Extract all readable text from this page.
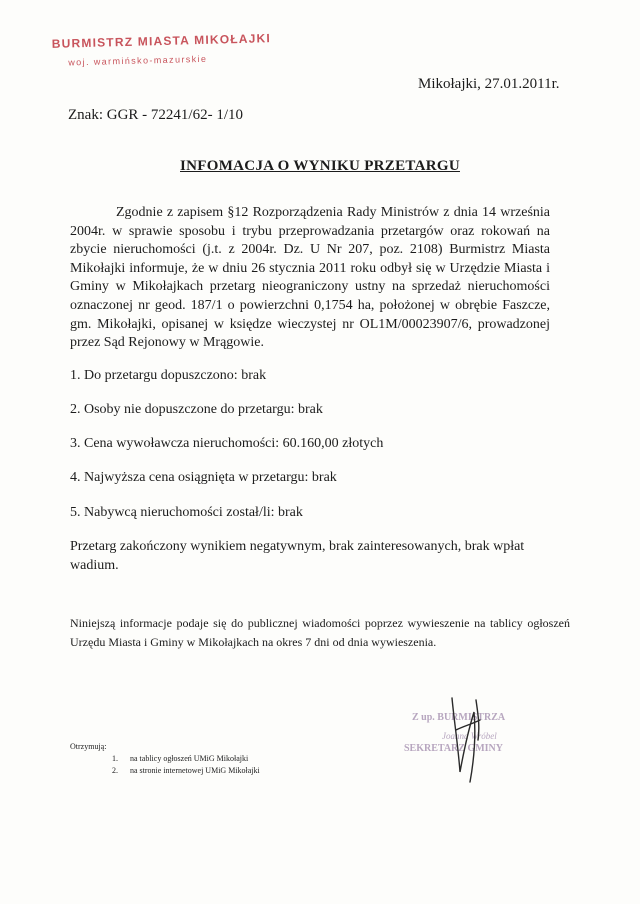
BURMISTRZ MIASTA MIKOŁAJKI
woj. warmińsko-mazurskie
Mikołajki, 27.01.2011r.
Znak: GGR - 72241/62- 1/10
INFOMACJA O WYNIKU PRZETARGU
Zgodnie z zapisem §12 Rozporządzenia Rady Ministrów z dnia 14 września 2004r. w sprawie sposobu i trybu przeprowadzania przetargów oraz rokowań na zbycie nieruchomości (j.t. z 2004r. Dz. U Nr 207, poz. 2108) Burmistrz Miasta Mikołajki informuje, że w dniu 26 stycznia 2011 roku odbył się w Urzędzie Miasta i Gminy w Mikołajkach przetarg nieograniczony ustny na sprzedaż nieruchomości oznaczonej nr geod. 187/1 o powierzchni 0,1754 ha, położonej w obrębie Faszcze, gm. Mikołajki, opisanej w księdze wieczystej nr OL1M/00023907/6, prowadzonej przez Sąd Rejonowy w Mrągowie.
1. Do przetargu dopuszczono: brak
2. Osoby nie dopuszczone do przetargu: brak
3. Cena wywoławcza nieruchomości: 60.160,00 złotych
4. Najwyższa cena osiągnięta w przetargu: brak
5. Nabywcą nieruchomości został/li: brak
Przetarg zakończony wynikiem negatywnym, brak zainteresowanych, brak wpłat wadium.
Niniejszą informacje podaje się do publicznej wiadomości poprzez wywieszenie na tablicy ogłoszeń Urzędu Miasta i Gminy w Mikołajkach na okres 7 dni od dnia wywieszenia.
Otrzymują:
1. na tablicy ogłoszeń UMiG Mikołajki
2. na stronie internetowej UMiG Mikołajki
Z up. BURMISTRZA
Joanna Wróbel
SEKRETARZ GMINY
